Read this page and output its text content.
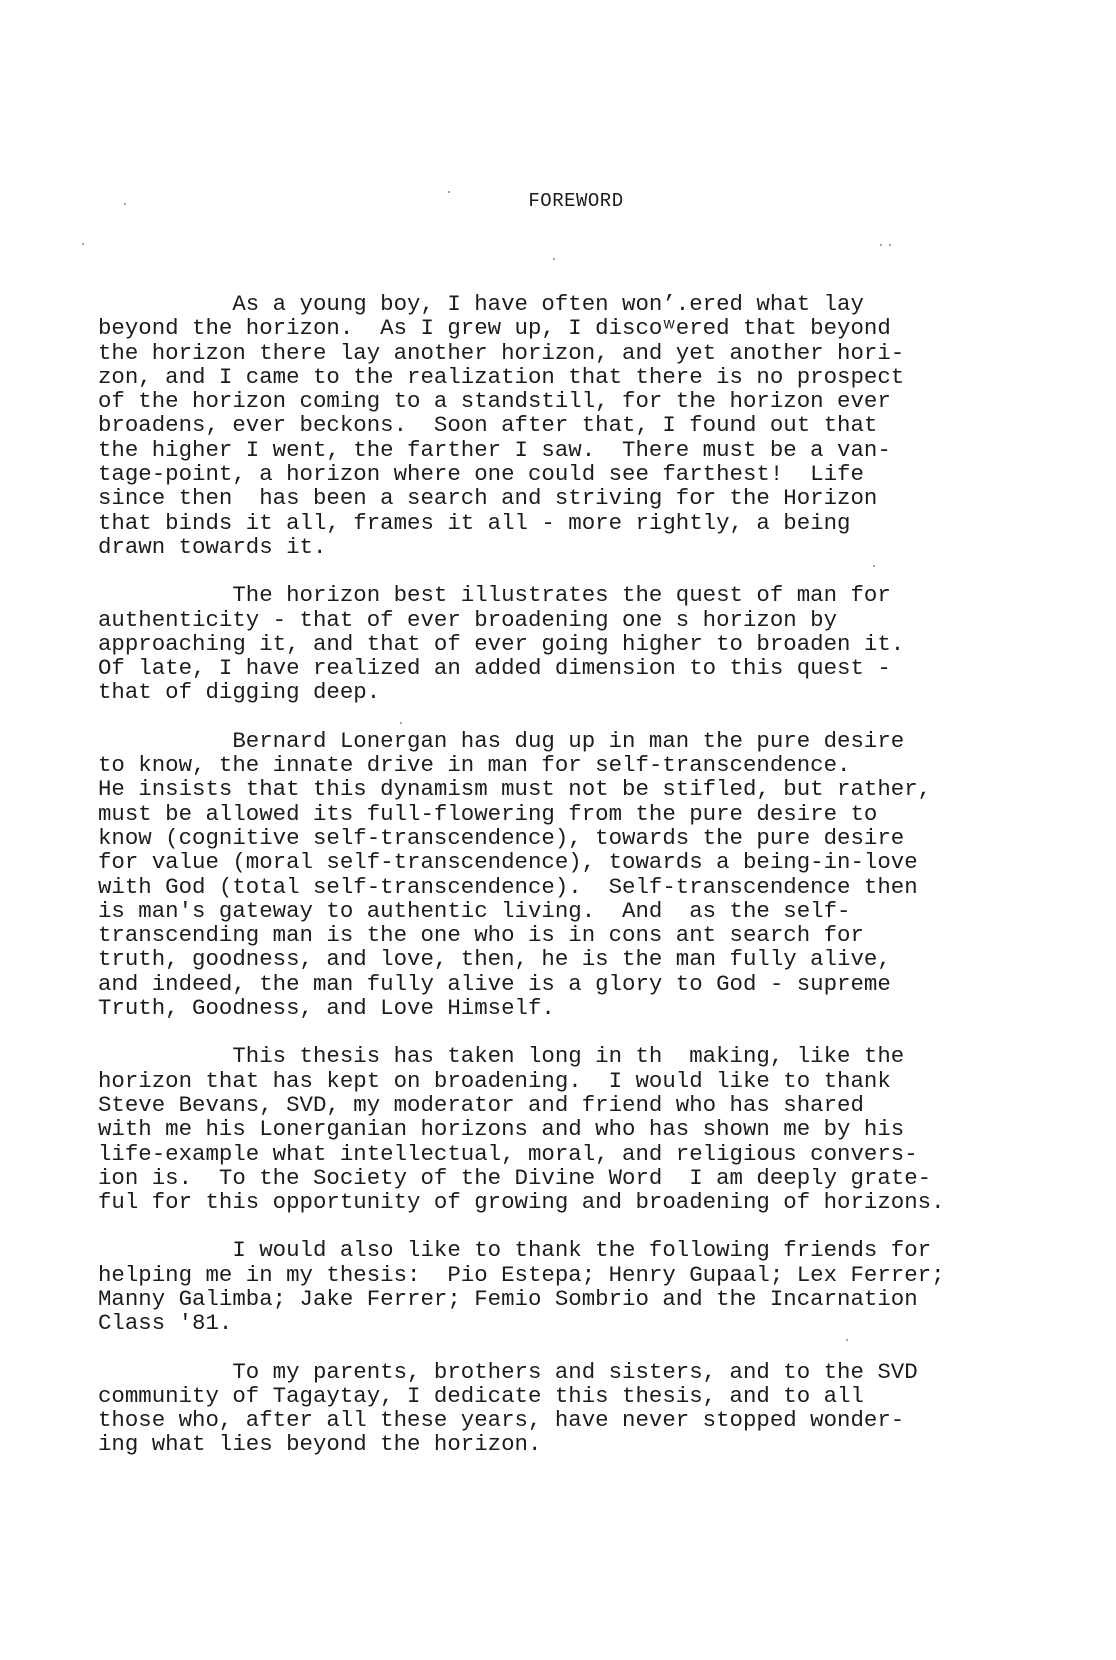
FOREWORD
As a young boy, I have often won’.ered what lay
beyond the horizon.  As I grew up, I discoʷered that beyond
the horizon there lay another horizon, and yet another hori-
zon, and I came to the realization that there is no prospect
of the horizon coming to a standstill, for the horizon ever
broadens, ever beckons.  Soon after that, I found out that
the higher I went, the farther I saw.  There must be a van-
tage-point, a horizon where one could see farthest!  Life
since then  has been a search and striving for the Horizon
that binds it all, frames it all - more rightly, a being
drawn towards it.
The horizon best illustrates the quest of man for
authenticity - that of ever broadening one s horizon by
approaching it, and that of ever going higher to broaden it.
Of late, I have realized an added dimension to this quest -
that of digging deep.
Bernard Lonergan has dug up in man the pure desire
to know, the innate drive in man for self-transcendence.
He insists that this dynamism must not be stifled, but rather,
must be allowed its full-flowering from the pure desire to
know (cognitive self-transcendence), towards the pure desire
for value (moral self-transcendence), towards a being-in-love
with God (total self-transcendence).  Self-transcendence then
is man's gateway to authentic living.  And  as the self-
transcending man is the one who is in cons ant search for
truth, goodness, and love, then, he is the man fully alive,
and indeed, the man fully alive is a glory to God - supreme
Truth, Goodness, and Love Himself.
This thesis has taken long in th  making, like the
horizon that has kept on broadening.  I would like to thank
Steve Bevans, SVD, my moderator and friend who has shared
with me his Lonerganian horizons and who has shown me by his
life-example what intellectual, moral, and religious convers-
ion is.  To the Society of the Divine Word  I am deeply grate-
ful for this opportunity of growing and broadening of horizons.
I would also like to thank the following friends for
helping me in my thesis:  Pio Estepa; Henry Gupaal; Lex Ferrer;
Manny Galimba; Jake Ferrer; Femio Sombrio and the Incarnation
Class '81.
To my parents, brothers and sisters, and to the SVD
community of Tagaytay, I dedicate this thesis, and to all
those who, after all these years, have never stopped wonder-
ing what lies beyond the horizon.
